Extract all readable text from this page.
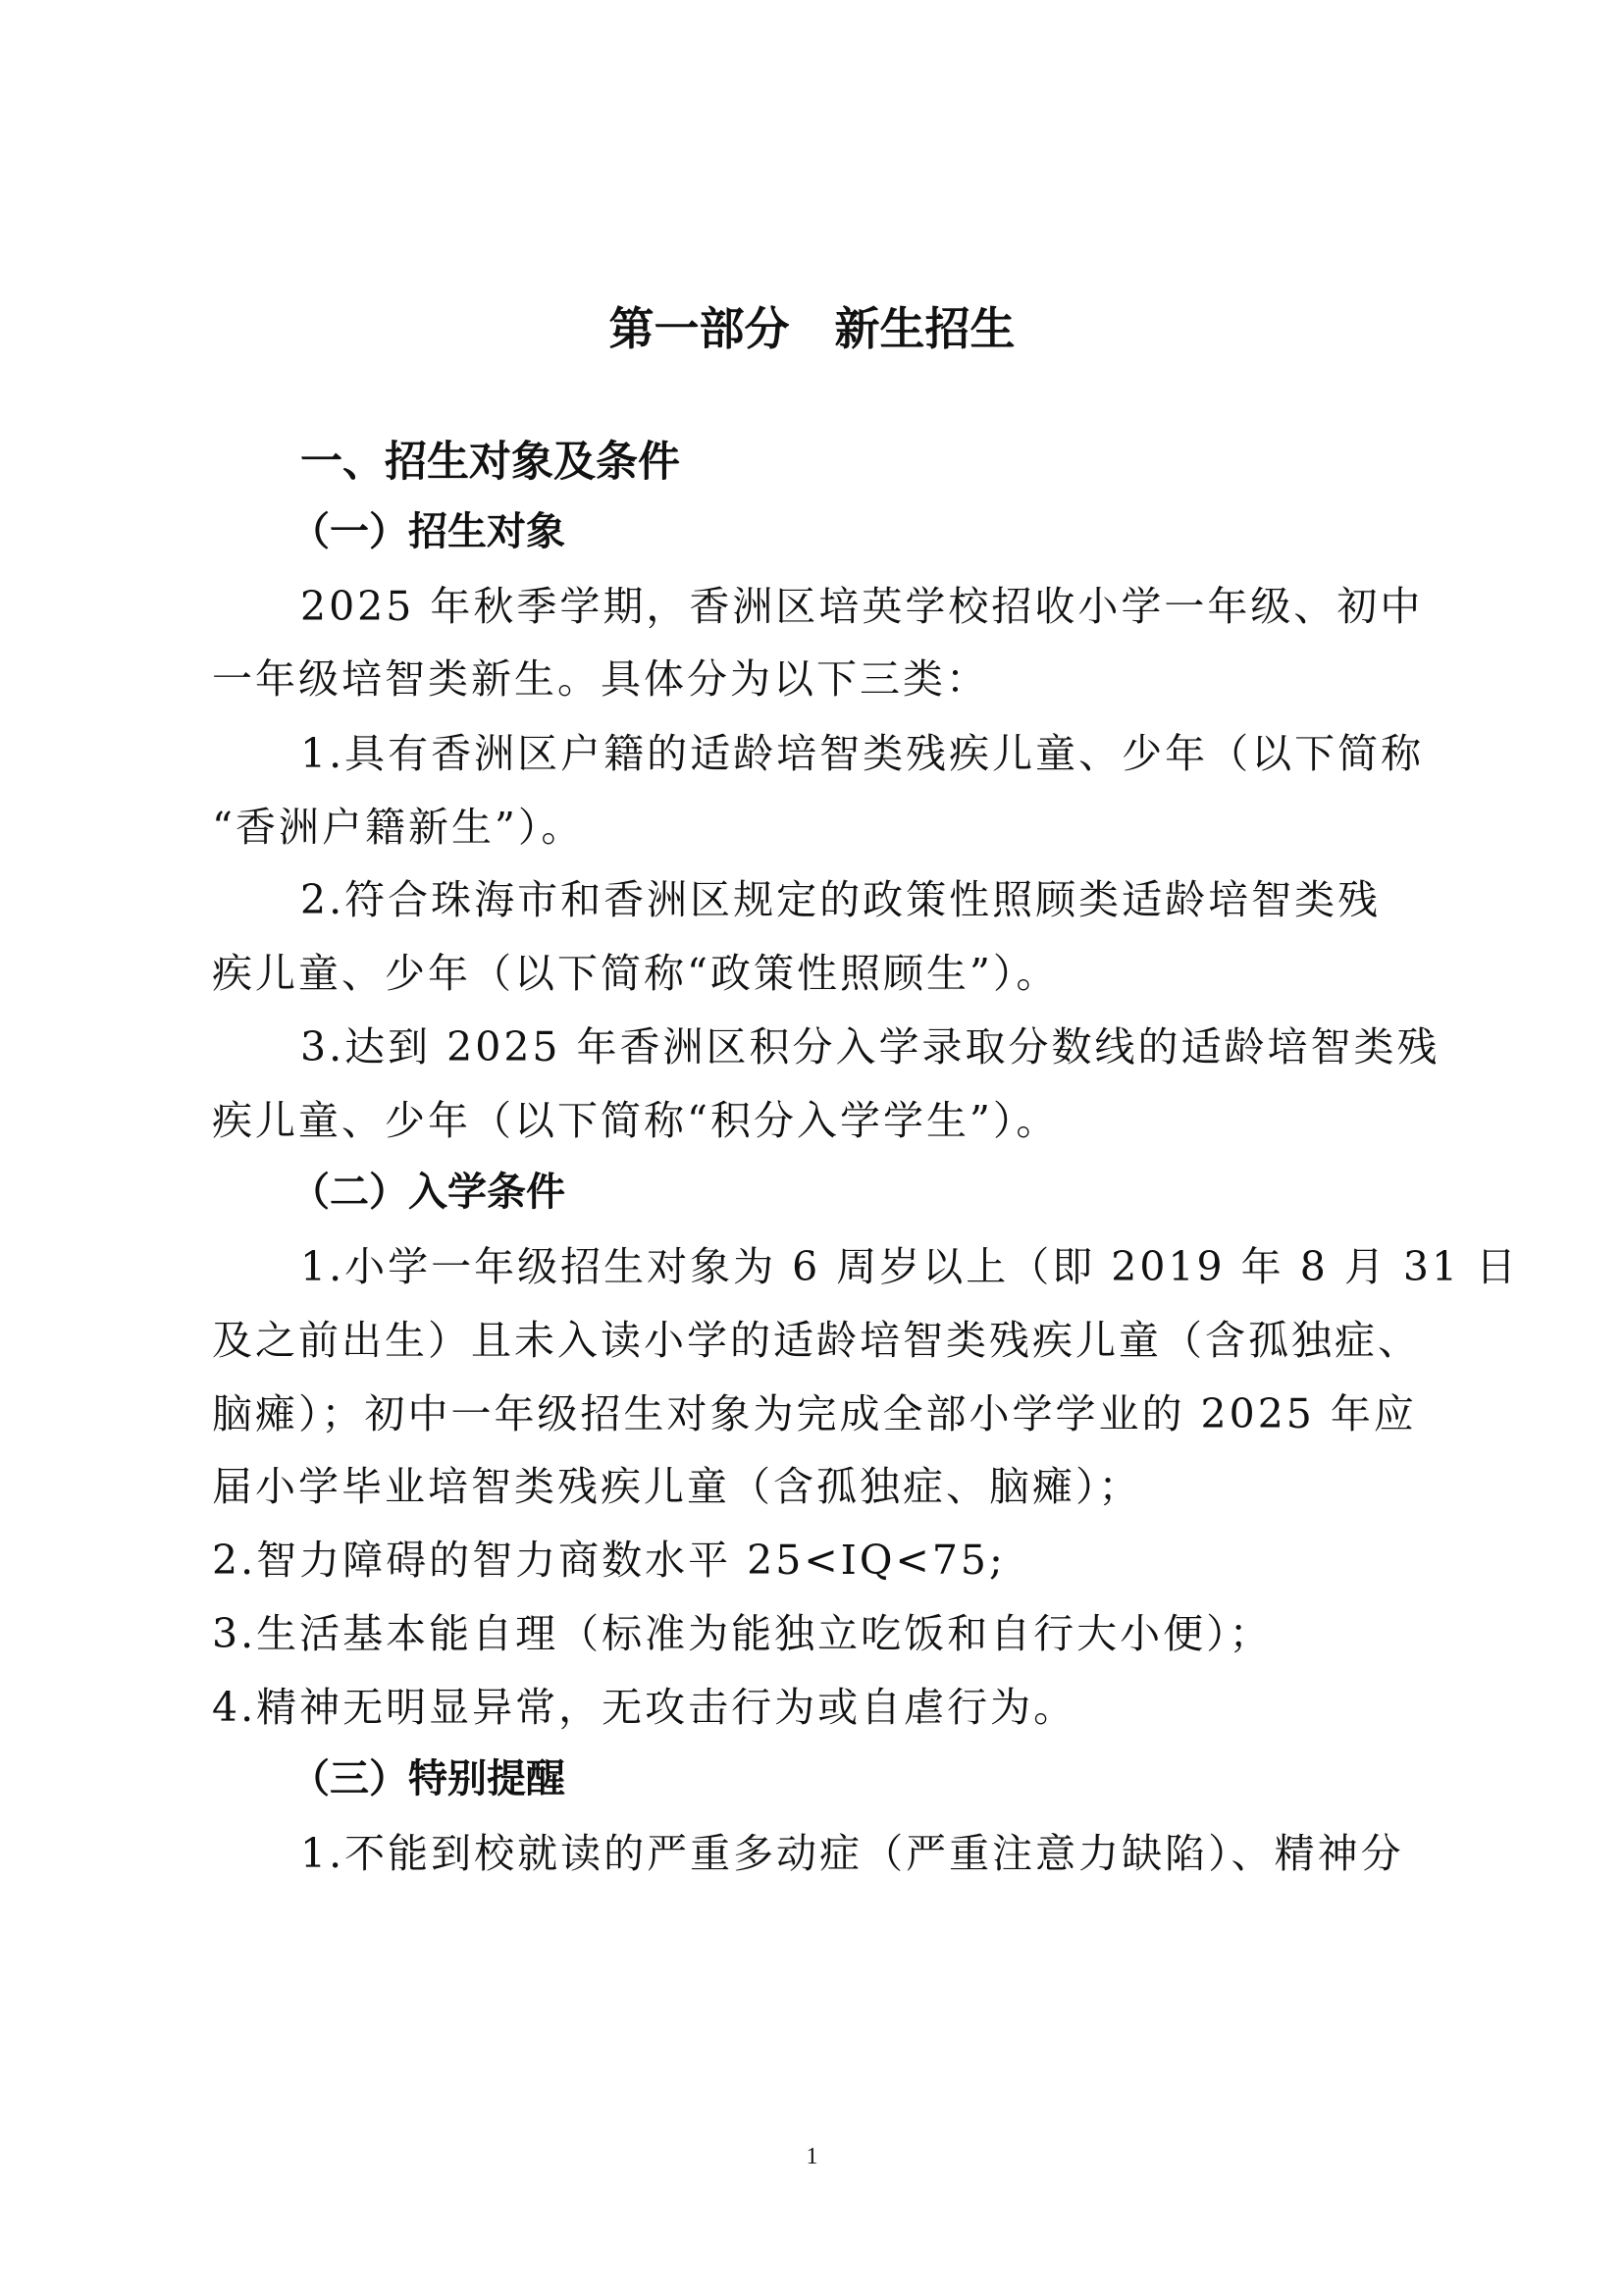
第一部分　新生招生
一、招生对象及条件
（一）招生对象
2025 年秋季学期，香洲区培英学校招收小学一年级、初中
一年级培智类新生。具体分为以下三类：
1.具有香洲区户籍的适龄培智类残疾儿童、少年（以下简称
“香洲户籍新生”）。
2.符合珠海市和香洲区规定的政策性照顾类适龄培智类残
疾儿童、少年（以下简称“政策性照顾生”）。
3.达到 2025 年香洲区积分入学录取分数线的适龄培智类残
疾儿童、少年（以下简称“积分入学学生”）。
（二）入学条件
1.小学一年级招生对象为 6 周岁以上（即 2019 年 8 月 31 日
及之前出生）且未入读小学的适龄培智类残疾儿童（含孤独症、
脑瘫）；初中一年级招生对象为完成全部小学学业的 2025 年应
届小学毕业培智类残疾儿童（含孤独症、脑瘫）；
2.智力障碍的智力商数水平 25<IQ<75;
3.生活基本能自理（标准为能独立吃饭和自行大小便）；
4.精神无明显异常，无攻击行为或自虐行为。
（三）特别提醒
1.不能到校就读的严重多动症（严重注意力缺陷）、精神分
1
